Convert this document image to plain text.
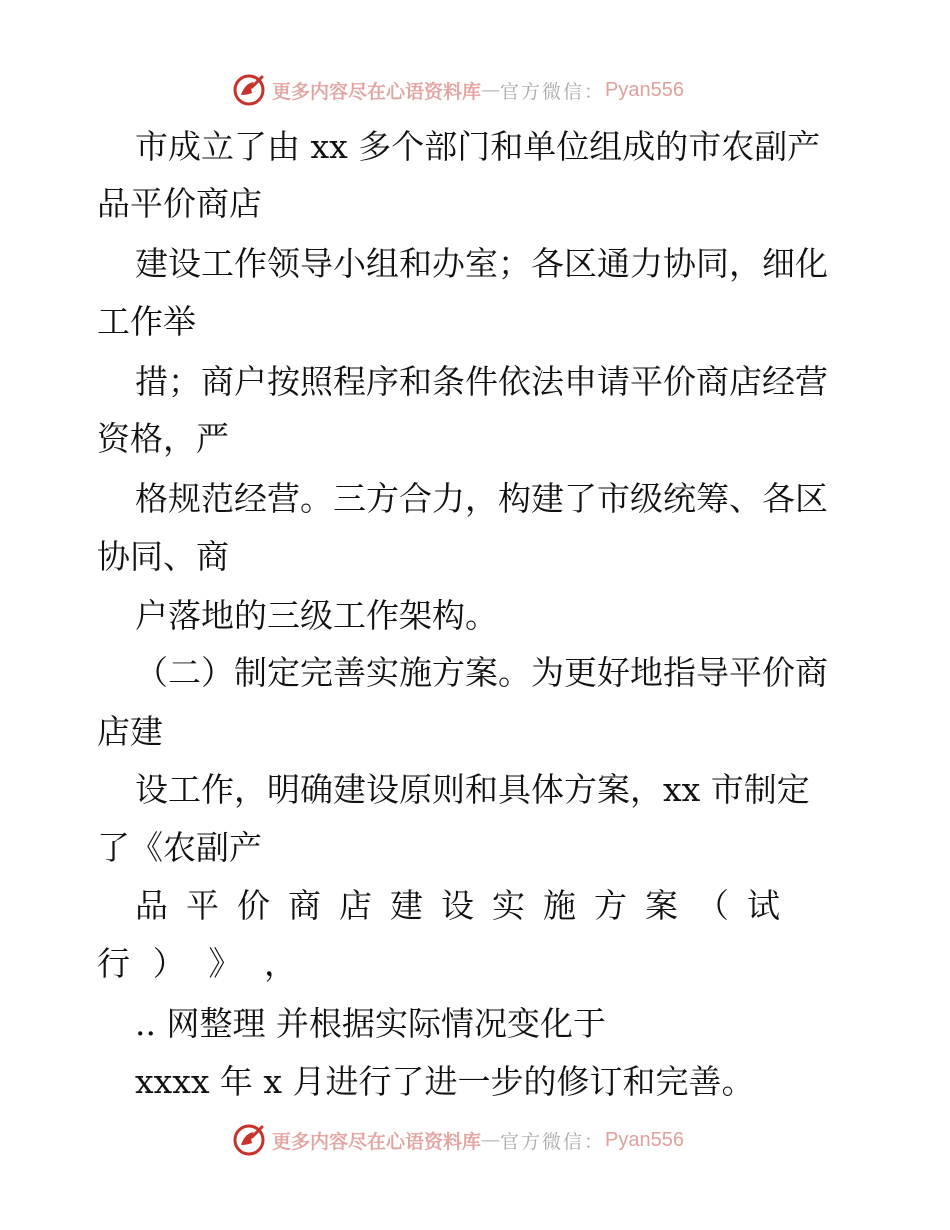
更多内容尽在心语资料库 — 官方微信： Pyan556
市成立了由 xx 多个部门和单位组成的市农副产
品平价商店
建设工作领导小组和办室；各区通力协同，细化
工作举
措；商户按照程序和条件依法申请平价商店经营
资格，严
格规范经营。三方合力，构建了市级统筹、各区
协同、商
户落地的三级工作架构。
（二）制定完善实施方案。为更好地指导平价商
店建
设工作，明确建设原则和具体方案，xx 市制定
了《农副产
品 平 价 商 店 建 设 实 施 方 案 （ 试
行 ） 》 ，
.. 网整理 并根据实际情况变化于
xxxx 年 x 月进行了进一步的修订和完善。
更多内容尽在心语资料库 — 官方微信： Pyan556
